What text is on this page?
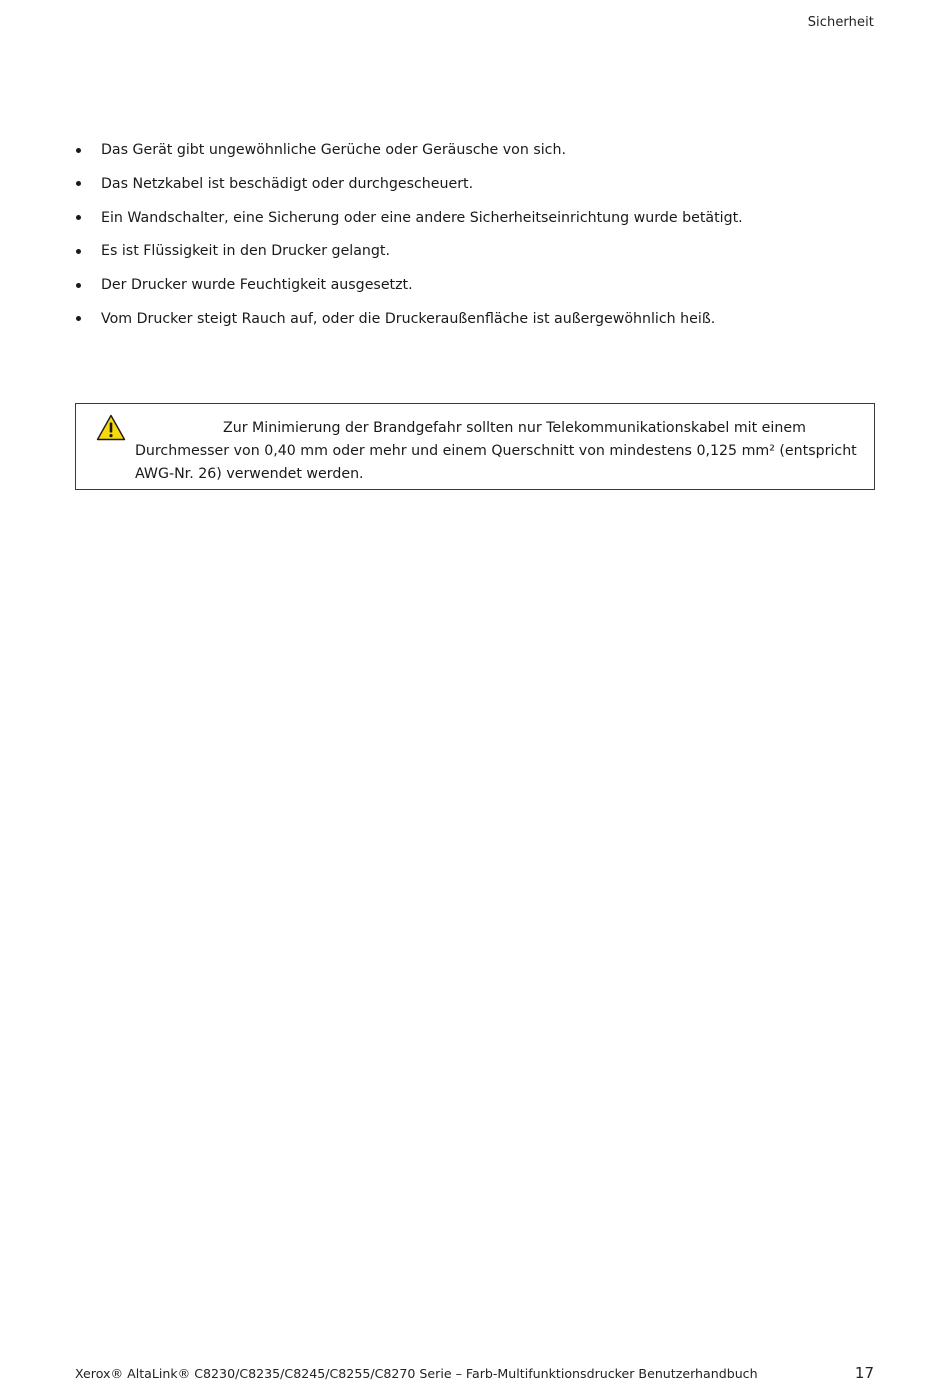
Sicherheit
Das Gerät gibt ungewöhnliche Gerüche oder Geräusche von sich.
Das Netzkabel ist beschädigt oder durchgescheuert.
Ein Wandschalter, eine Sicherung oder eine andere Sicherheitseinrichtung wurde betätigt.
Es ist Flüssigkeit in den Drucker gelangt.
Der Drucker wurde Feuchtigkeit ausgesetzt.
Vom Drucker steigt Rauch auf, oder die Druckeraußenfläche ist außergewöhnlich heiß.
Zur Minimierung der Brandgefahr sollten nur Telekommunikationskabel mit einem Durchmesser von 0,40 mm oder mehr und einem Querschnitt von mindestens 0,125 mm² (entspricht AWG-Nr. 26) verwendet werden.
Xerox® AltaLink® C8230/C8235/C8245/C8255/C8270 Serie – Farb-Multifunktionsdrucker Benutzerhandbuch	17
